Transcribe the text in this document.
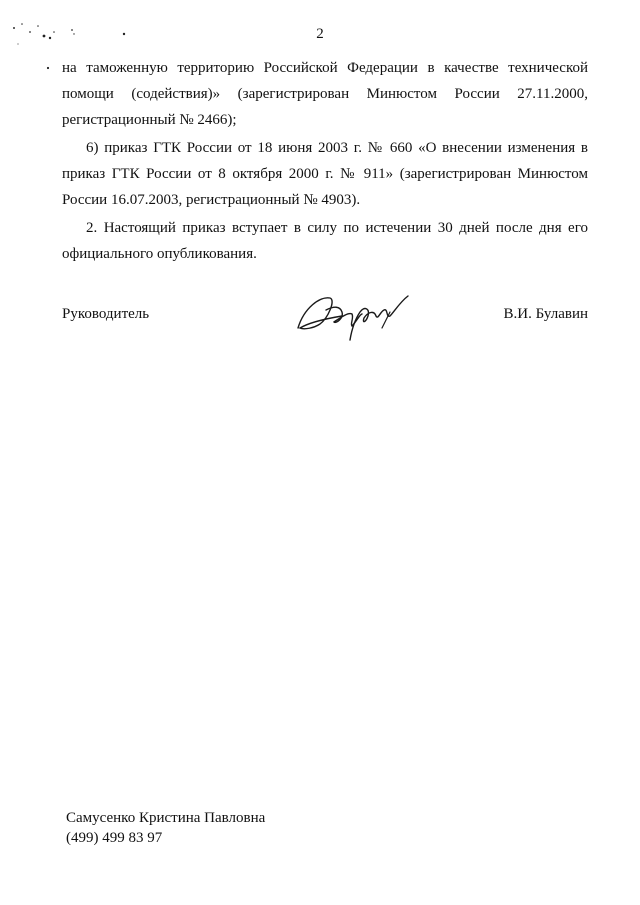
2

на таможенную территорию Российской Федерации в качестве технической помощи (содействия)» (зарегистрирован Минюстом России 27.11.2000, регистрационный № 2466);

6) приказ ГТК России от 18 июня 2003 г. № 660 «О внесении изменения в приказ ГТК России от 8 октября 2000 г. № 911» (зарегистрирован Минюстом России 16.07.2003, регистрационный № 4903).

2. Настоящий приказ вступает в силу по истечении 30 дней после дня его официального опубликования.

Руководитель	В.И. Булавин
Самусенко Кристина Павловна
(499) 499 83 97
